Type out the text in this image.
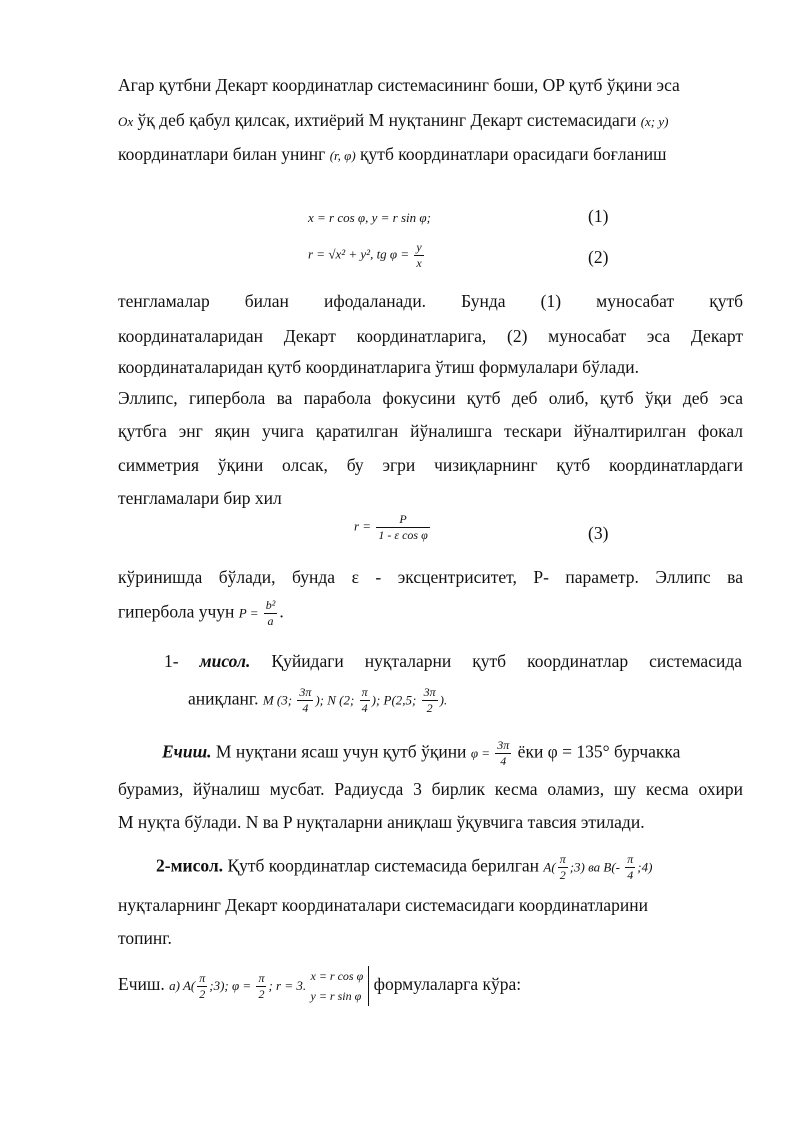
Агар қутбни Декарт координатлар системасининг боши, OP қутб ўқини эса
Ox ўқ деб қабул қилсак, ихтиёрий M нуқтанинг Декарт системасидаги (x; y)
координатлари билан унинг (r, φ) қутб координатлари орасидаги боғланиш
x = r cos φ, y = r sin φ;	(1)
r = √x² + y², tg $\varphi = \frac{y}{x}$	(2)
тенгламалар билан ифодаланади. Бунда (1) муносабат қутб
координаталаридан Декарт координатларига, (2) муносабат эса Декарт
координаталаридан қутб координатларига ўтиш формулалари бўлади.
Эллипс, гипербола ва парабола фокусини қутб деб олиб, қутб ўқи деб эса
қутбга энг яқин учига қаратилган йўналишга тескари йўналтирилган фокал
симметрия ўқини олсак, бу эгри чизиқларнинг қутб координатлардаги
тенгламалари бир хил
$r = \frac{P}{\text{1 - ε cos φ}}$	(3)
кўринишда бўлади, бунда ε - эксцентриситет, P- параметр. Эллипс ва
гипербола учун $P = \frac{\text{b²}}{a}$ .
1- мисол. Қуйидаги нуқталарни қутб координатлар системасида
аниқланг. M (3; $\frac{3\pi}{4}$ ); N (2; $\frac{\pi}{4}$ ); P(2,5; $\frac{3\pi}{2}$ ).
Ечиш. M нуқтани ясаш учун қутб ўқини $\varphi = \frac{3\pi}{4}$ ёки φ = 135° бурчакка
бурамиз, йўналиш мусбат. Радиусда 3 бирлик кесма оламиз, шу кесма охири
M нуқта бўлади. N ва P нуқталарни аниқлаш ўқувчига тавсия этилади.
2-мисол. Қутб координатлар системасида берилган $A( \frac{\pi}{2}$ ;3) ва $B(- \frac{\pi}{4}$ ;4)
нуқталарнинг Декарт координаталари системасидаги координатларини
топинг.
Ечиш. a) $A( \frac{\pi}{2}$ ;3); $\varphi = \frac{\pi}{2}$ ; r = 3.
x = r cos φ
y = r sin φ
формулаларга кўра:
